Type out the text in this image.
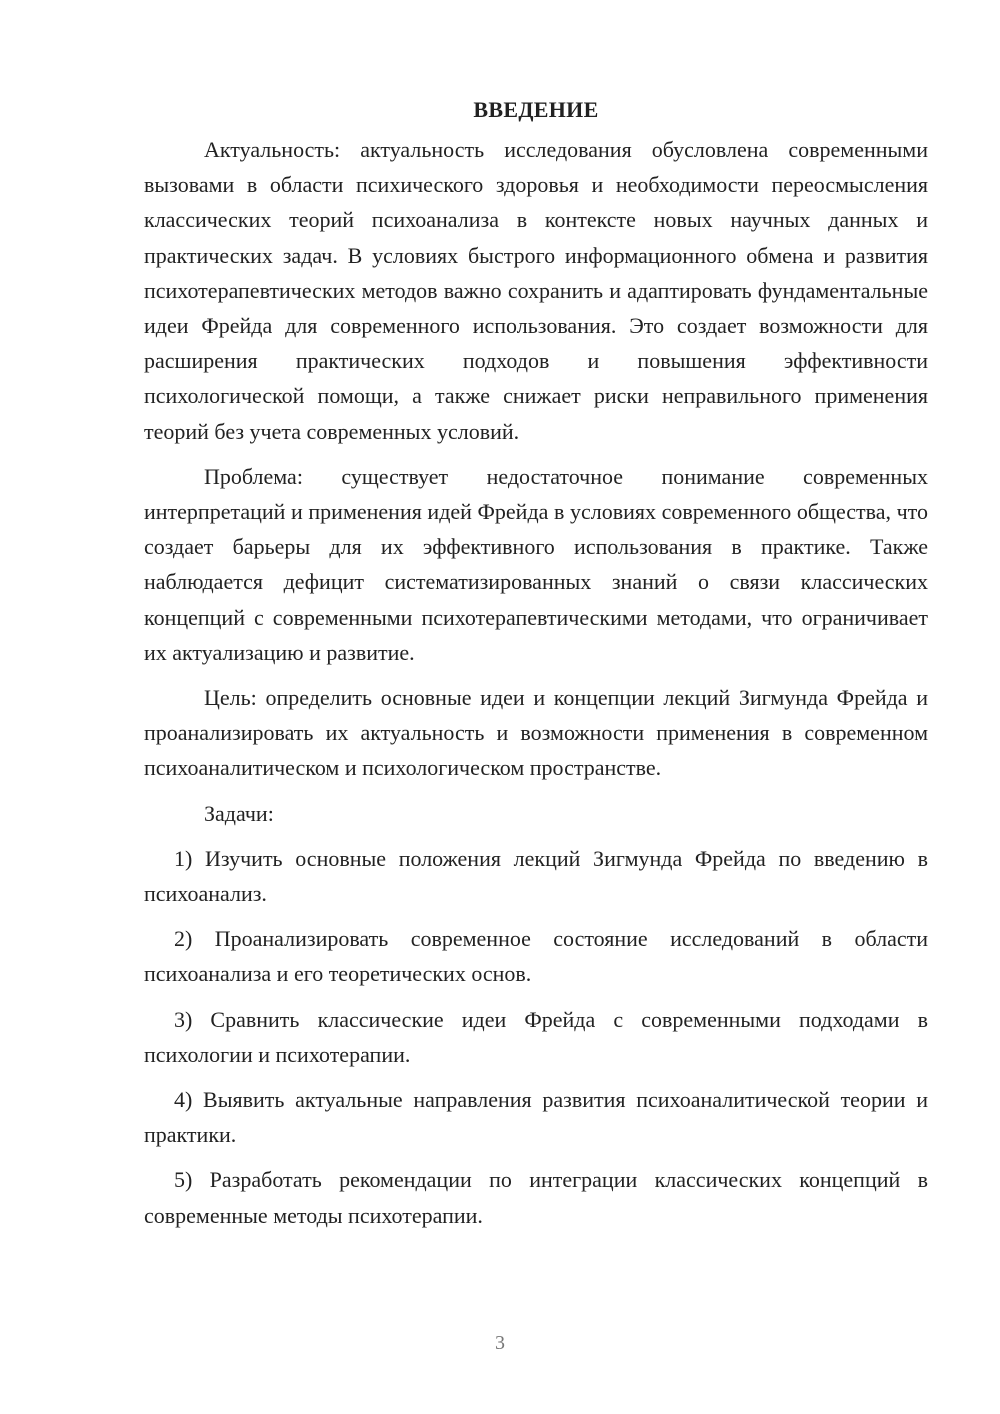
ВВЕДЕНИЕ

Актуальность: актуальность исследования обусловлена современными вызовами в области психического здоровья и необходимости переосмысления классических теорий психоанализа в контексте новых научных данных и практических задач. В условиях быстрого информационного обмена и развития психотерапевтических методов важно сохранить и адаптировать фундаментальные идеи Фрейда для современного использования. Это создает возможности для расширения практических подходов и повышения эффективности психологической помощи, а также снижает риски неправильного применения теорий без учета современных условий.

Проблема: существует недостаточное понимание современных интерпретаций и применения идей Фрейда в условиях современного общества, что создает барьеры для их эффективного использования в практике. Также наблюдается дефицит систематизированных знаний о связи классических концепций с современными психотерапевтическими методами, что ограничивает их актуализацию и развитие.

Цель: определить основные идеи и концепции лекций Зигмунда Фрейда и проанализировать их актуальность и возможности применения в современном психоаналитическом и психологическом пространстве.

Задачи:

1) Изучить основные положения лекций Зигмунда Фрейда по введению в психоанализ.

2) Проанализировать современное состояние исследований в области психоанализа и его теоретических основ.

3) Сравнить классические идеи Фрейда с современными подходами в психологии и психотерапии.

4) Выявить актуальные направления развития психоаналитической теории и практики.

5) Разработать рекомендации по интеграции классических концепций в современные методы психотерапии.

3
